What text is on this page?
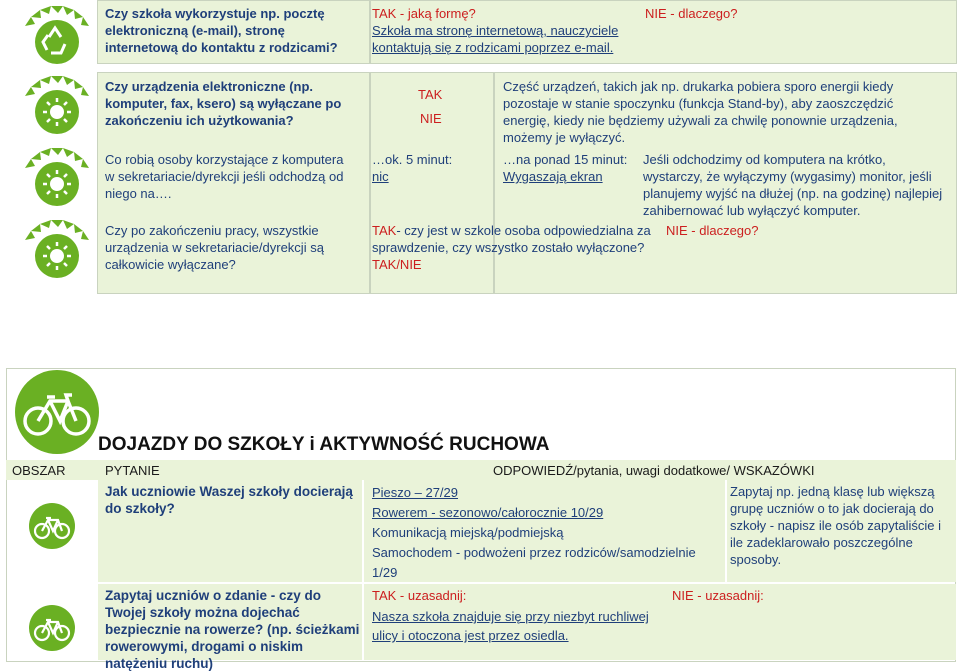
Czy szkoła wykorzystuje np. pocztę elektroniczną (e-mail), stronę internetową do kontaktu z rodzicami?
TAK - jaką formę?
Szkoła ma stronę internetową, nauczyciele kontaktują się z rodzicami poprzez e-mail.
NIE - dlaczego?
Czy urządzenia elektroniczne (np. komputer, fax, ksero) są wyłączane po zakończeniu ich użytkowania?
Co robią osoby korzystające z komputera w sekretariacie/dyrekcji jeśli odchodzą od niego na….
Czy po zakończeniu pracy, wszystkie urządzenia w sekretariacie/dyrekcji są całkowicie wyłączane?
TAK
NIE
…ok. 5 minut:
nic
Część urządzeń, takich jak np. drukarka pobiera sporo energii kiedy pozostaje w stanie spoczynku (funkcja Stand-by), aby zaoszczędzić energię, kiedy nie będziemy używali za chwilę ponownie urządzenia, możemy je wyłączyć.
…na ponad 15 minut:
Wygaszają ekran
Jeśli odchodzimy od komputera na krótko, wystarczy, że wyłączymy (wygasimy) monitor, jeśli planujemy wyjść na dłużej (np. na godzinę) najlepiej zahibernować lub wyłączyć komputer.
TAK- czy jest w szkole osoba odpowiedzialna za sprawdzenie, czy wszystko zostało wyłączone?TAK/NIE
NIE - dlaczego?
DOJAZDY DO SZKOŁY i AKTYWNOŚĆ RUCHOWA
OBSZAR	PYTANIE	ODPOWIEDŹ/pytania, uwagi dodatkowe/ WSKAZÓWKI
Jak uczniowie Waszej szkoły docierają do szkoły?
Pieszo – 27/29
Rowerem - sezonowo/całorocznie 10/29
Komunikacją miejską/podmiejską
Samochodem - podwożeni przez rodziców/samodzielnie 1/29
Zapytaj np. jedną klasę lub większą grupę uczniów o to jak docierają do szkoły - napisz ile osób zapytaliście i ile zadeklarowało poszczególne sposoby.
Zapytaj uczniów o zdanie - czy do Twojej szkoły można dojechać bezpiecznie na rowerze? (np. ścieżkami rowerowymi, drogami o niskim natężeniu ruchu)
TAK - uzasadnij:
Nasza szkoła znajduje się przy niezbyt ruchliwej ulicy i otoczona jest przez osiedla.
NIE - uzasadnij:
